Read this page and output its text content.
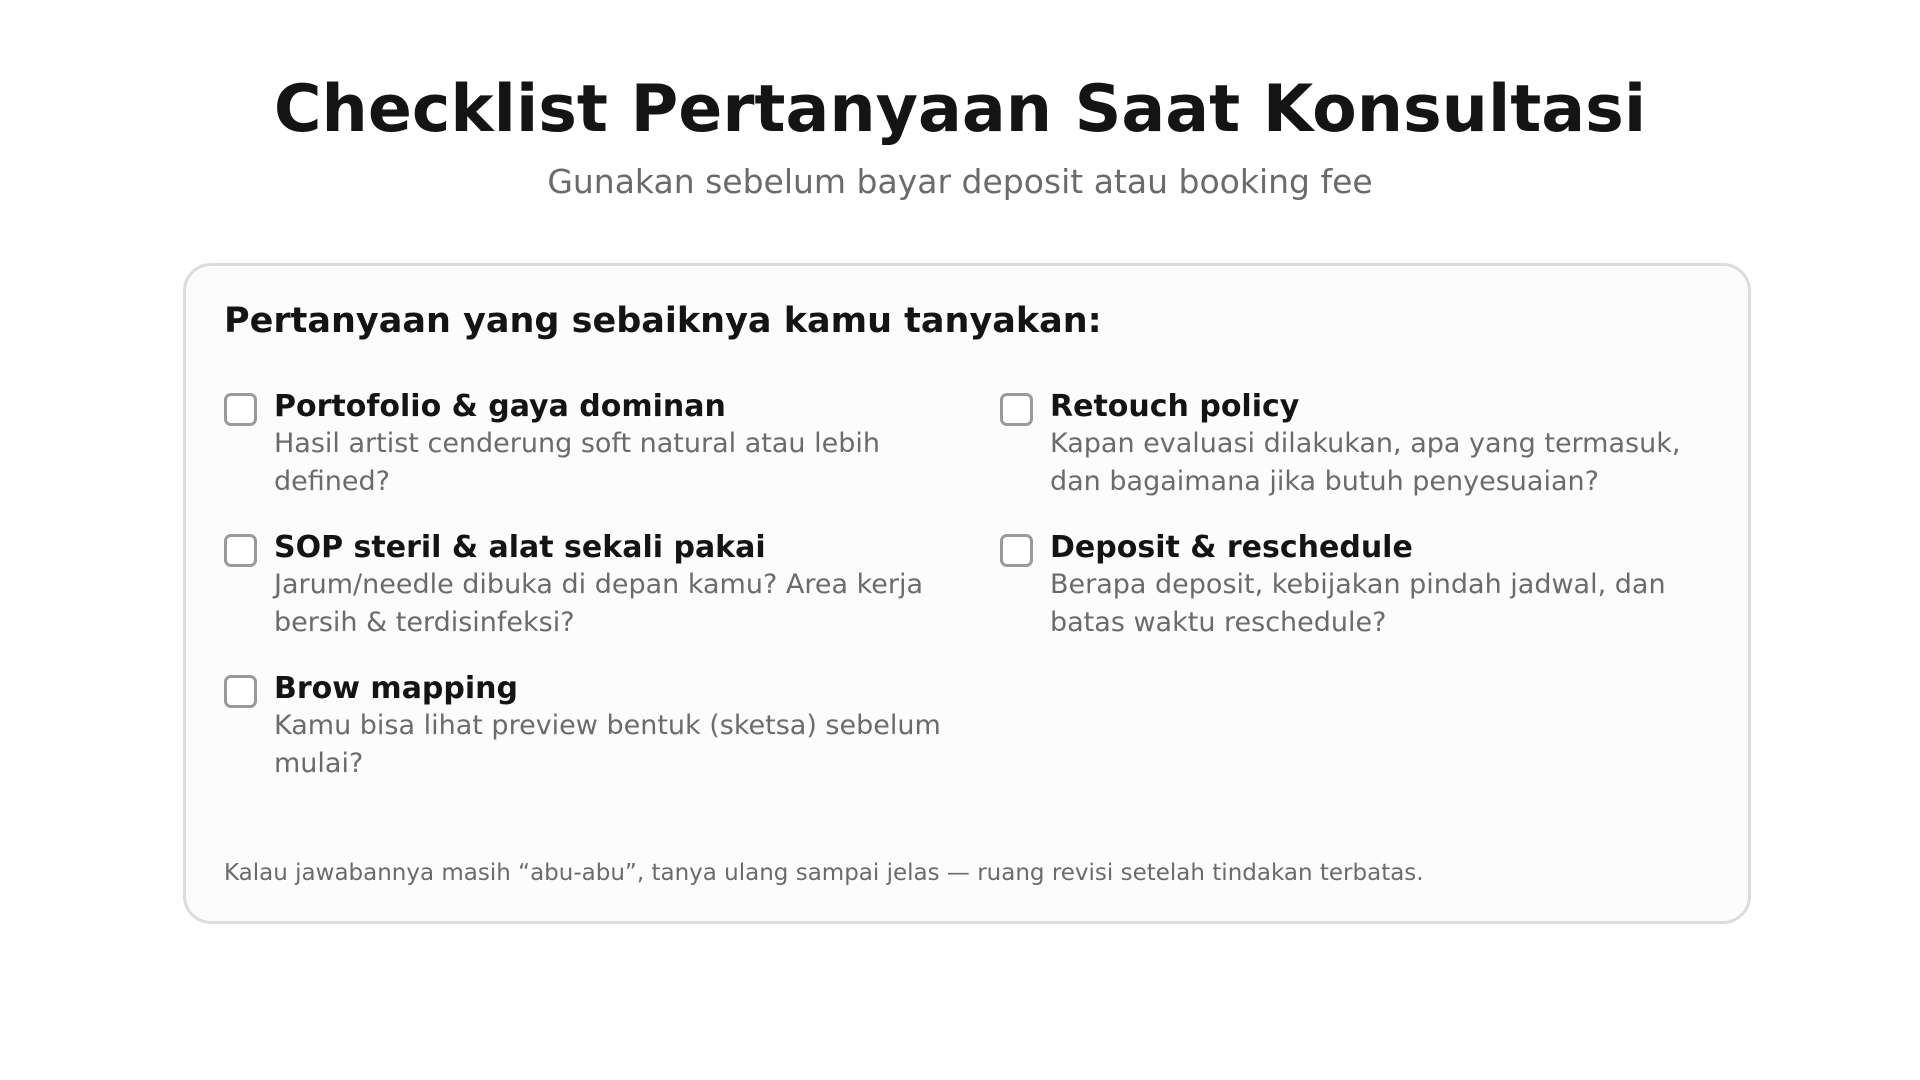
Checklist Pertanyaan Saat Konsultasi

Gunakan sebelum bayar deposit atau booking fee

Pertanyaan yang sebaiknya kamu tanyakan:
Portofolio & gaya dominan
Hasil artist cenderung soft natural atau lebih defined?
Retouch policy
Kapan evaluasi dilakukan, apa yang termasuk, dan bagaimana jika butuh penyesuaian?
SOP steril & alat sekali pakai
Jarum/needle dibuka di depan kamu? Area kerja bersih & terdisinfeksi?
Deposit & reschedule
Berapa deposit, kebijakan pindah jadwal, dan batas waktu reschedule?
Brow mapping
Kamu bisa lihat preview bentuk (sketsa) sebelum mulai?
Kalau jawabannya masih “abu-abu”, tanya ulang sampai jelas — ruang revisi setelah tindakan terbatas.
